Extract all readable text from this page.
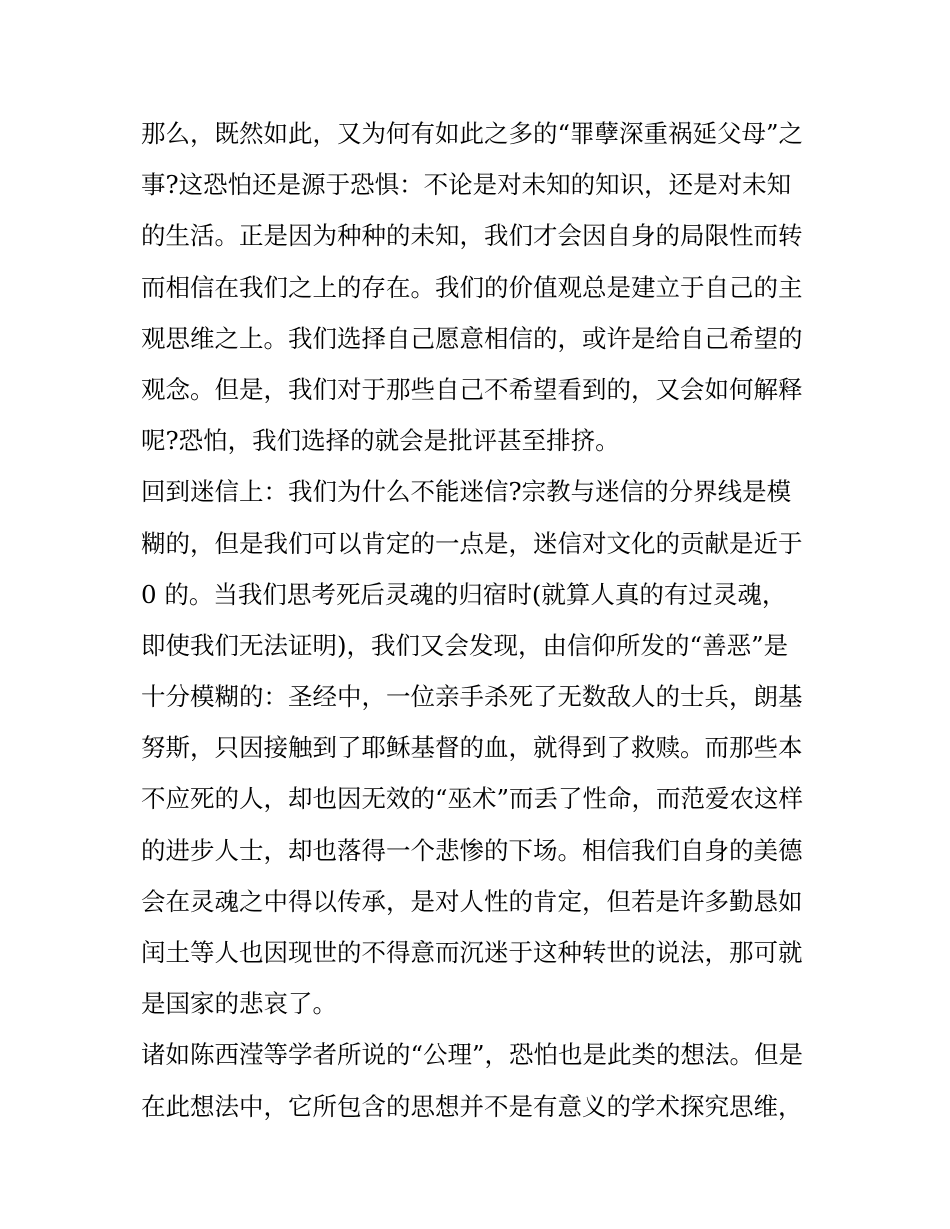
那么，既然如此，又为何有如此之多的“罪孽深重祸延父母”之
事?这恐怕还是源于恐惧：不论是对未知的知识，还是对未知
的生活。正是因为种种的未知，我们才会因自身的局限性而转
而相信在我们之上的存在。我们的价值观总是建立于自己的主
观思维之上。我们选择自己愿意相信的，或许是给自己希望的
观念。但是，我们对于那些自己不希望看到的，又会如何解释
呢?恐怕，我们选择的就会是批评甚至排挤。
回到迷信上：我们为什么不能迷信?宗教与迷信的分界线是模
糊的，但是我们可以肯定的一点是，迷信对文化的贡献是近于
0 的。当我们思考死后灵魂的归宿时(就算人真的有过灵魂，
即使我们无法证明)，我们又会发现，由信仰所发的“善恶”是
十分模糊的：圣经中，一位亲手杀死了无数敌人的士兵，朗基
努斯，只因接触到了耶稣基督的血，就得到了救赎。而那些本
不应死的人，却也因无效的“巫术”而丢了性命，而范爱农这样
的进步人士，却也落得一个悲惨的下场。相信我们自身的美德
会在灵魂之中得以传承，是对人性的肯定，但若是许多勤恳如
闰土等人也因现世的不得意而沉迷于这种转世的说法，那可就
是国家的悲哀了。
诸如陈西滢等学者所说的“公理”，恐怕也是此类的想法。但是
在此想法中，它所包含的思想并不是有意义的学术探究思维，
